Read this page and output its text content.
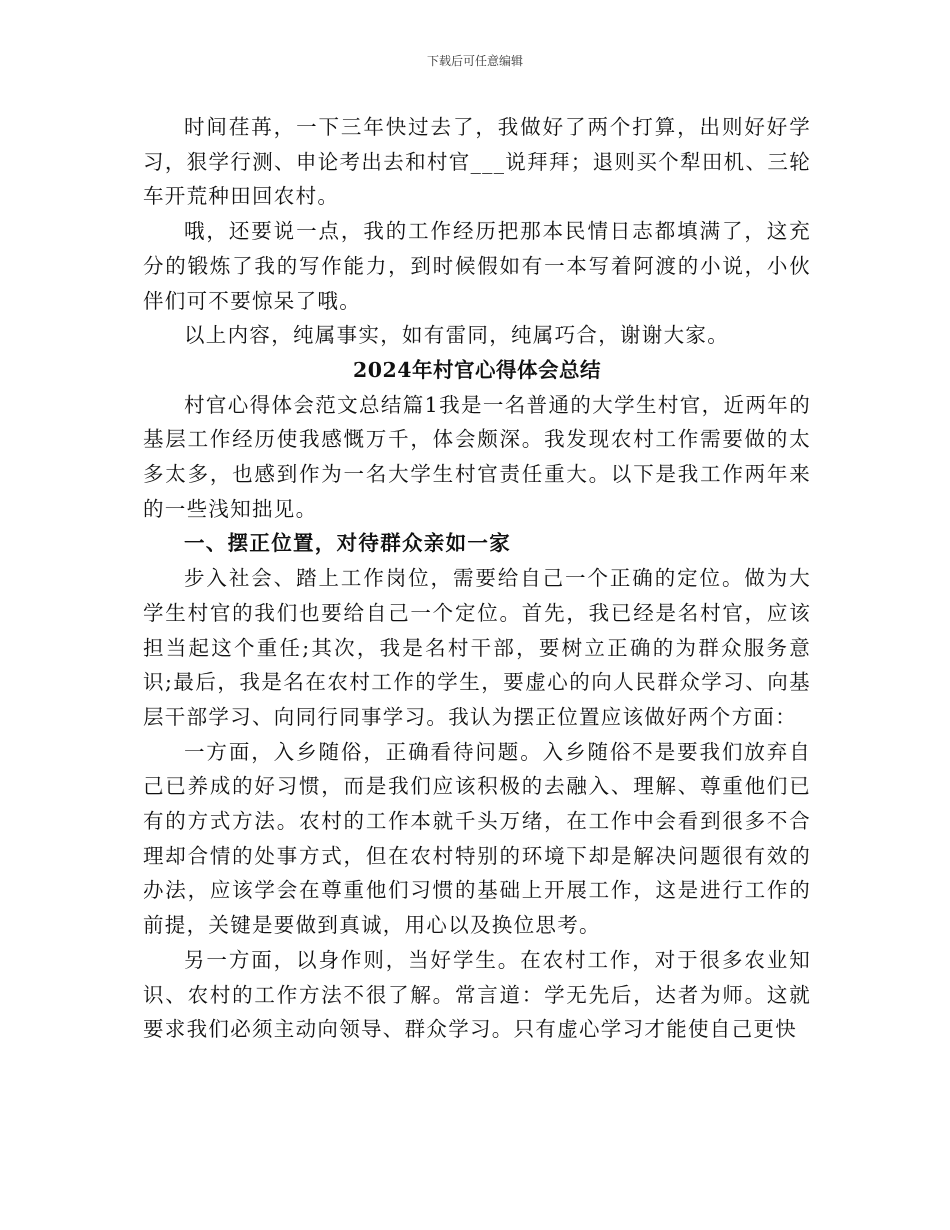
下载后可任意编辑

时间荏苒，一下三年快过去了，我做好了两个打算，出则好好学习，狠学行测、申论考出去和村官___说拜拜；退则买个犁田机、三轮车开荒种田回农村。

哦，还要说一点，我的工作经历把那本民情日志都填满了，这充分的锻炼了我的写作能力，到时候假如有一本写着阿渡的小说，小伙伴们可不要惊呆了哦。

以上内容，纯属事实，如有雷同，纯属巧合，谢谢大家。

2024年村官心得体会总结

村官心得体会范文总结篇1我是一名普通的大学生村官，近两年的基层工作经历使我感慨万千，体会颇深。我发现农村工作需要做的太多太多，也感到作为一名大学生村官责任重大。以下是我工作两年来的一些浅知拙见。

一、摆正位置，对待群众亲如一家

步入社会、踏上工作岗位，需要给自己一个正确的定位。做为大学生村官的我们也要给自己一个定位。首先，我已经是名村官，应该担当起这个重任;其次，我是名村干部，要树立正确的为群众服务意识;最后，我是名在农村工作的学生，要虚心的向人民群众学习、向基层干部学习、向同行同事学习。我认为摆正位置应该做好两个方面：

一方面，入乡随俗，正确看待问题。入乡随俗不是要我们放弃自己已养成的好习惯，而是我们应该积极的去融入、理解、尊重他们已有的方式方法。农村的工作本就千头万绪，在工作中会看到很多不合理却合情的处事方式，但在农村特别的环境下却是解决问题很有效的办法，应该学会在尊重他们习惯的基础上开展工作，这是进行工作的前提，关键是要做到真诚，用心以及换位思考。

另一方面，以身作则，当好学生。在农村工作，对于很多农业知识、农村的工作方法不很了解。常言道：学无先后，达者为师。这就要求我们必须主动向领导、群众学习。只有虚心学习才能使自己更快
